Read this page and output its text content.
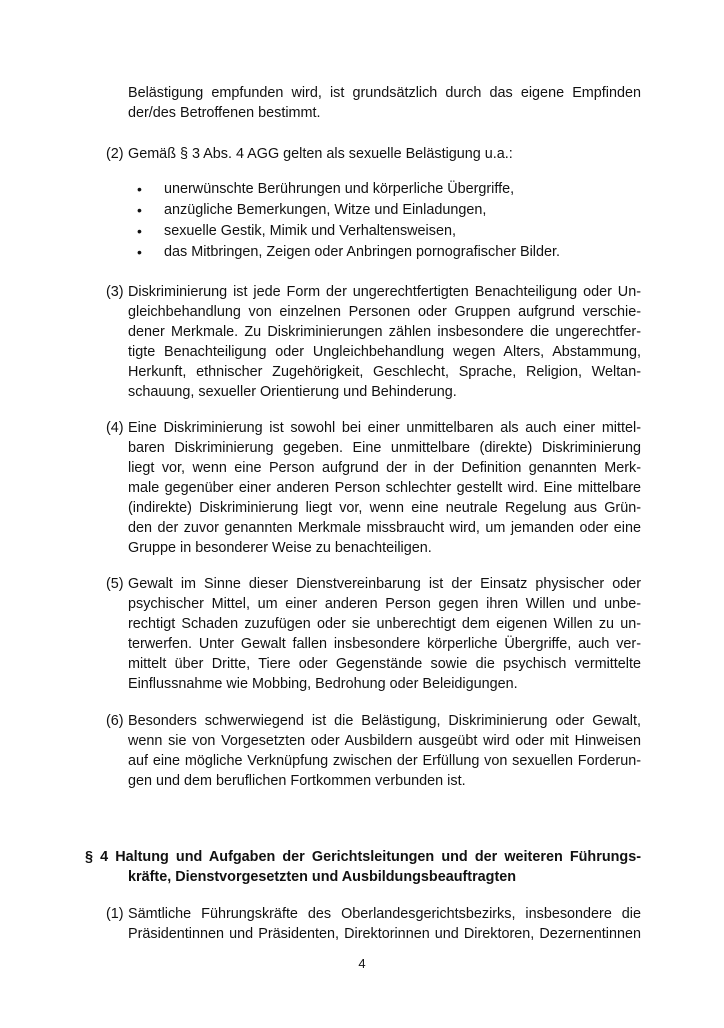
Belästigung empfunden wird, ist grundsätzlich durch das eigene Empfinden
der/des Betroffenen bestimmt.
(2) Gemäß § 3 Abs. 4 AGG gelten als sexuelle Belästigung u.a.:
• unerwünschte Berührungen und körperliche Übergriffe,
• anzügliche Bemerkungen, Witze und Einladungen,
• sexuelle Gestik, Mimik und Verhaltensweisen,
• das Mitbringen, Zeigen oder Anbringen pornografischer Bilder.
(3) Diskriminierung ist jede Form der ungerechtfertigten Benachteiligung oder Un-
gleichbehandlung von einzelnen Personen oder Gruppen aufgrund verschie-
dener Merkmale. Zu Diskriminierungen zählen insbesondere die ungerechtfer-
tigte Benachteiligung oder Ungleichbehandlung wegen Alters, Abstammung,
Herkunft, ethnischer Zugehörigkeit, Geschlecht, Sprache, Religion, Weltan-
schauung, sexueller Orientierung und Behinderung.
(4) Eine Diskriminierung ist sowohl bei einer unmittelbaren als auch einer mittel-
baren Diskriminierung gegeben. Eine unmittelbare (direkte) Diskriminierung
liegt vor, wenn eine Person aufgrund der in der Definition genannten Merk-
male gegenüber einer anderen Person schlechter gestellt wird. Eine mittelbare
(indirekte) Diskriminierung liegt vor, wenn eine neutrale Regelung aus Grün-
den der zuvor genannten Merkmale missbraucht wird, um jemanden oder eine
Gruppe in besonderer Weise zu benachteiligen.
(5) Gewalt im Sinne dieser Dienstvereinbarung ist der Einsatz physischer oder
psychischer Mittel, um einer anderen Person gegen ihren Willen und unbe-
rechtigt Schaden zuzufügen oder sie unberechtigt dem eigenen Willen zu un-
terwerfen. Unter Gewalt fallen insbesondere körperliche Übergriffe, auch ver-
mittelt über Dritte, Tiere oder Gegenstände sowie die psychisch vermittelte
Einflussnahme wie Mobbing, Bedrohung oder Beleidigungen.
(6) Besonders schwerwiegend ist die Belästigung, Diskriminierung oder Gewalt,
wenn sie von Vorgesetzten oder Ausbildern ausgeübt wird oder mit Hinweisen
auf eine mögliche Verknüpfung zwischen der Erfüllung von sexuellen Forderun-
gen und dem beruflichen Fortkommen verbunden ist.
§ 4 Haltung und Aufgaben der Gerichtsleitungen und der weiteren Führungs-
kräfte, Dienstvorgesetzten und Ausbildungsbeauftragten
(1) Sämtliche Führungskräfte des Oberlandesgerichtsbezirks, insbesondere die
Präsidentinnen und Präsidenten, Direktorinnen und Direktoren, Dezernentinnen
4
